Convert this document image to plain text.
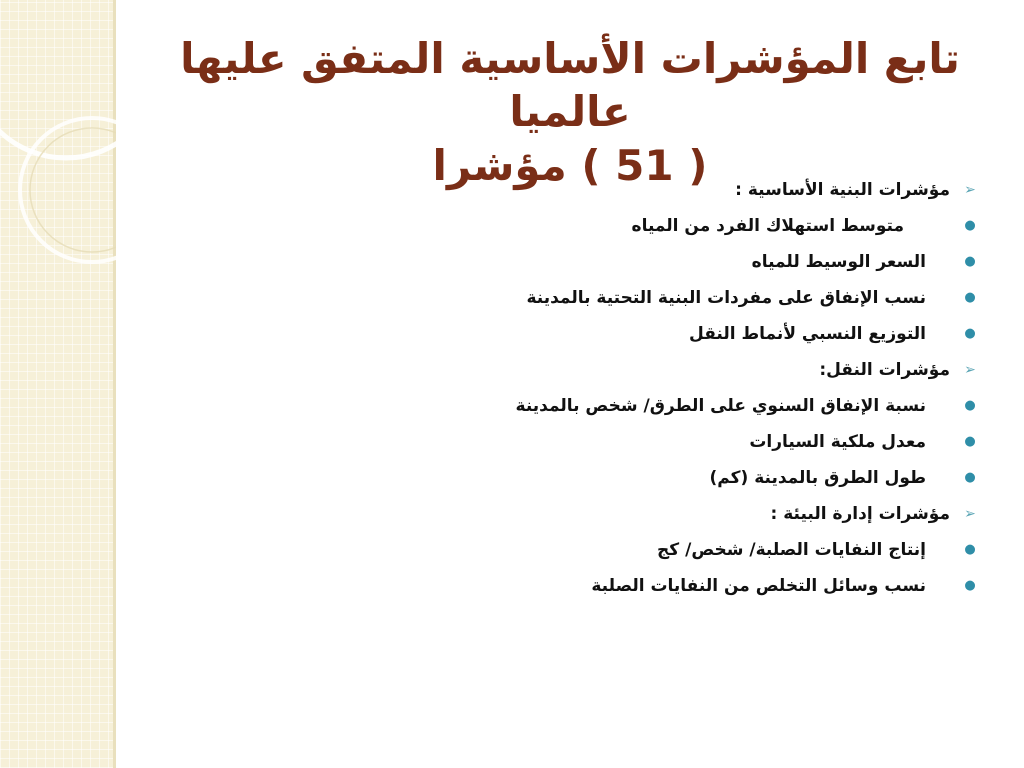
تابع المؤشرات الأساسية المتفق عليها عالميا
( 51 ) مؤشرا
➢
مؤشرات البنية الأساسية :
●
متوسط استهلاك الفرد من المياه
●
السعر الوسيط للمياه
●
نسب الإنفاق على مفردات البنية التحتية بالمدينة
●
التوزيع النسبي لأنماط النقل
➢
مؤشرات النقل:
●
نسبة الإنفاق السنوي على الطرق/ شخص بالمدينة
●
معدل ملكية السيارات
●
طول الطرق بالمدينة (كم)
➢
مؤشرات إدارة البيئة :
●
إنتاج النفايات الصلبة/ شخص/ كج
●
نسب وسائل التخلص من النفايات الصلبة
